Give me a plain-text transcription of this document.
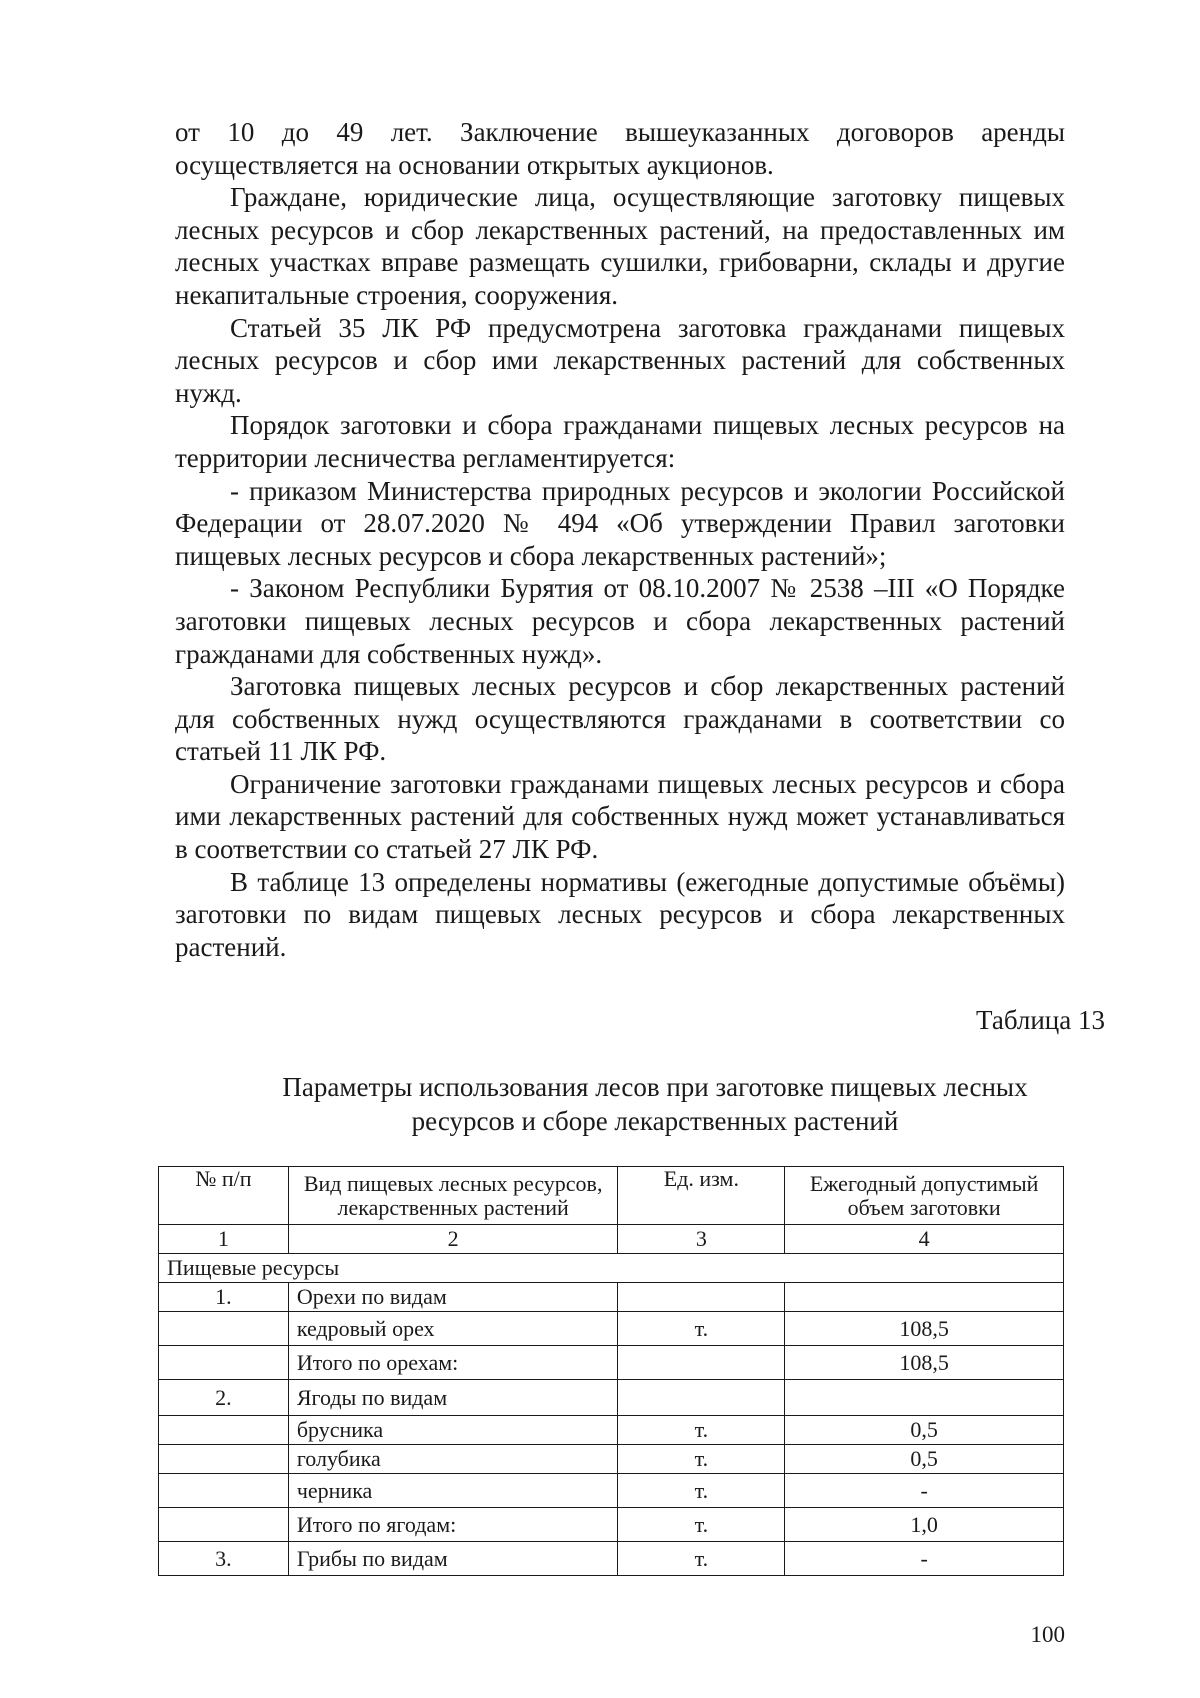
от 10 до 49 лет. Заключение вышеуказанных договоров аренды осуществляется на основании открытых аукционов.

Граждане, юридические лица, осуществляющие заготовку пищевых лесных ресурсов и сбор лекарственных растений, на предоставленных им лесных участках вправе размещать сушилки, грибоварни, склады и другие некапитальные строения, сооружения.

Статьей 35 ЛК РФ предусмотрена заготовка гражданами пищевых лесных ресурсов и сбор ими лекарственных растений для собственных нужд.

Порядок заготовки и сбора гражданами пищевых лесных ресурсов на территории лесничества регламентируется:

- приказом Министерства природных ресурсов и экологии Российской Федерации от 28.07.2020 № 494 «Об утверждении Правил заготовки пищевых лесных ресурсов и сбора лекарственных растений»;

- Законом Республики Бурятия от 08.10.2007 № 2538 –III «О Порядке заготовки пищевых лесных ресурсов и сбора лекарственных растений гражданами для собственных нужд».

Заготовка пищевых лесных ресурсов и сбор лекарственных растений для собственных нужд осуществляются гражданами в соответствии со статьей 11 ЛК РФ.

Ограничение заготовки гражданами пищевых лесных ресурсов и сбора ими лекарственных растений для собственных нужд может устанавливаться в соответствии со статьей 27 ЛК РФ.

В таблице 13 определены нормативы (ежегодные допустимые объёмы) заготовки по видам пищевых лесных ресурсов и сбора лекарственных растений.

Таблица 13
Параметры использования лесов при заготовке пищевых лесных
ресурсов и сборе лекарственных растений
№ п/п	Вид пищевых лесных ресурсов, лекарственных растений	Ед. изм.	Ежегодный допустимый объем заготовки
1	2	3	4
Пищевые ресурсы			
1.	Орехи по видам		
	кедровый орех	т.	108,5
	Итого по орехам:		108,5
2.	Ягоды по видам		
	брусника	т.	0,5
	голубика	т.	0,5
	черника	т.	-
	Итого по ягодам:	т.	1,0
3.	Грибы по видам	т.	-
100
